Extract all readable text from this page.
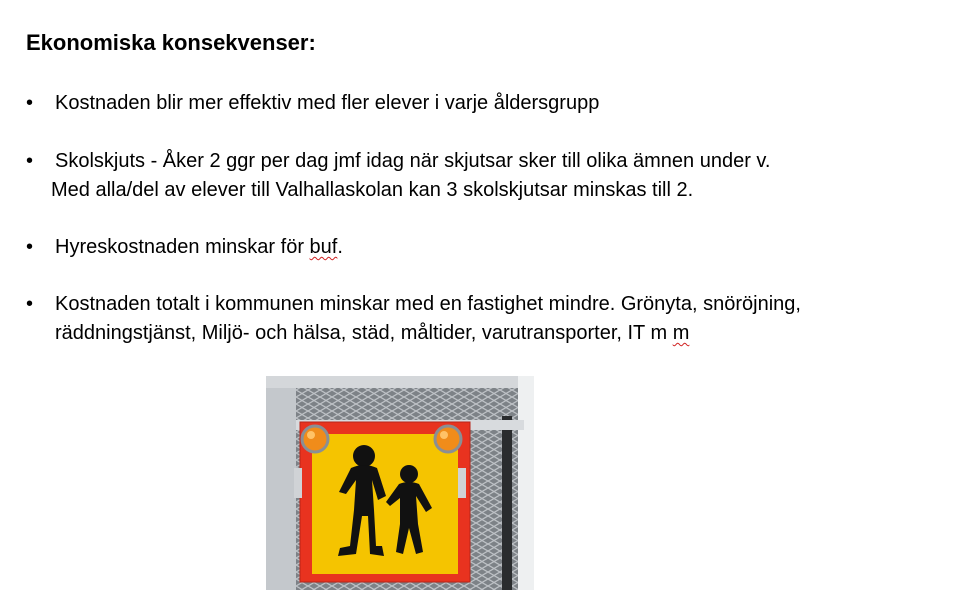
Ekonomiska konsekvenser:
•	Kostnaden blir mer effektiv med fler elever i varje åldersgrupp
•	Skolskjuts - Åker 2 ggr per dag jmf idag när skjutsar sker till olika ämnen under v.
Med alla/del av elever till Valhallaskolan kan 3 skolskjutsar minskas till 2.
•	Hyreskostnaden minskar för buf.
•	Kostnaden totalt i kommunen minskar med en fastighet mindre. Grönyta, snöröjning,
räddningstjänst, Miljö- och hälsa, städ, måltider, varutransporter, IT m m
